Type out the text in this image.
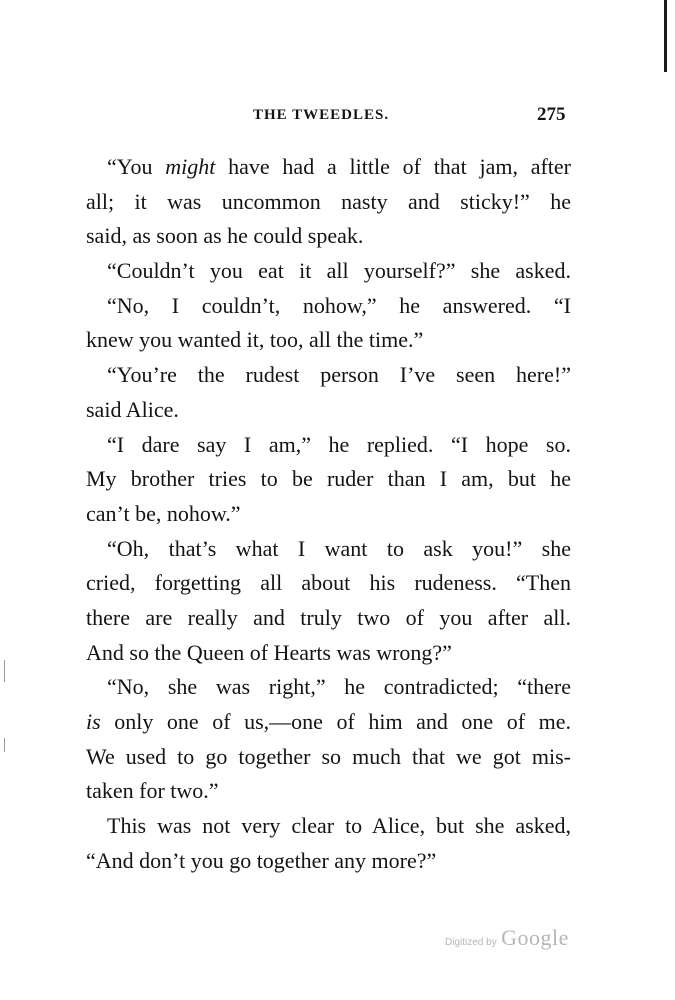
THE TWEEDLES.	275
“You might have had a little of that jam, after
all; it was uncommon nasty and sticky!” he
said, as soon as he could speak.
“Couldn’t you eat it all yourself?” she asked.
“No, I couldn’t, nohow,” he answered. “I
knew you wanted it, too, all the time.”
“You’re the rudest person I’ve seen here!”
said Alice.
“I dare say I am,” he replied. “I hope so.
My brother tries to be ruder than I am, but he
can’t be, nohow.”
“Oh, that’s what I want to ask you!” she
cried, forgetting all about his rudeness. “Then
there are really and truly two of you after all.
And so the Queen of Hearts was wrong?”
“No, she was right,” he contradicted; “there
is only one of us,—one of him and one of me.
We used to go together so much that we got mis-
taken for two.”
This was not very clear to Alice, but she asked,
“And don’t you go together any more?”
Digitized by Google
